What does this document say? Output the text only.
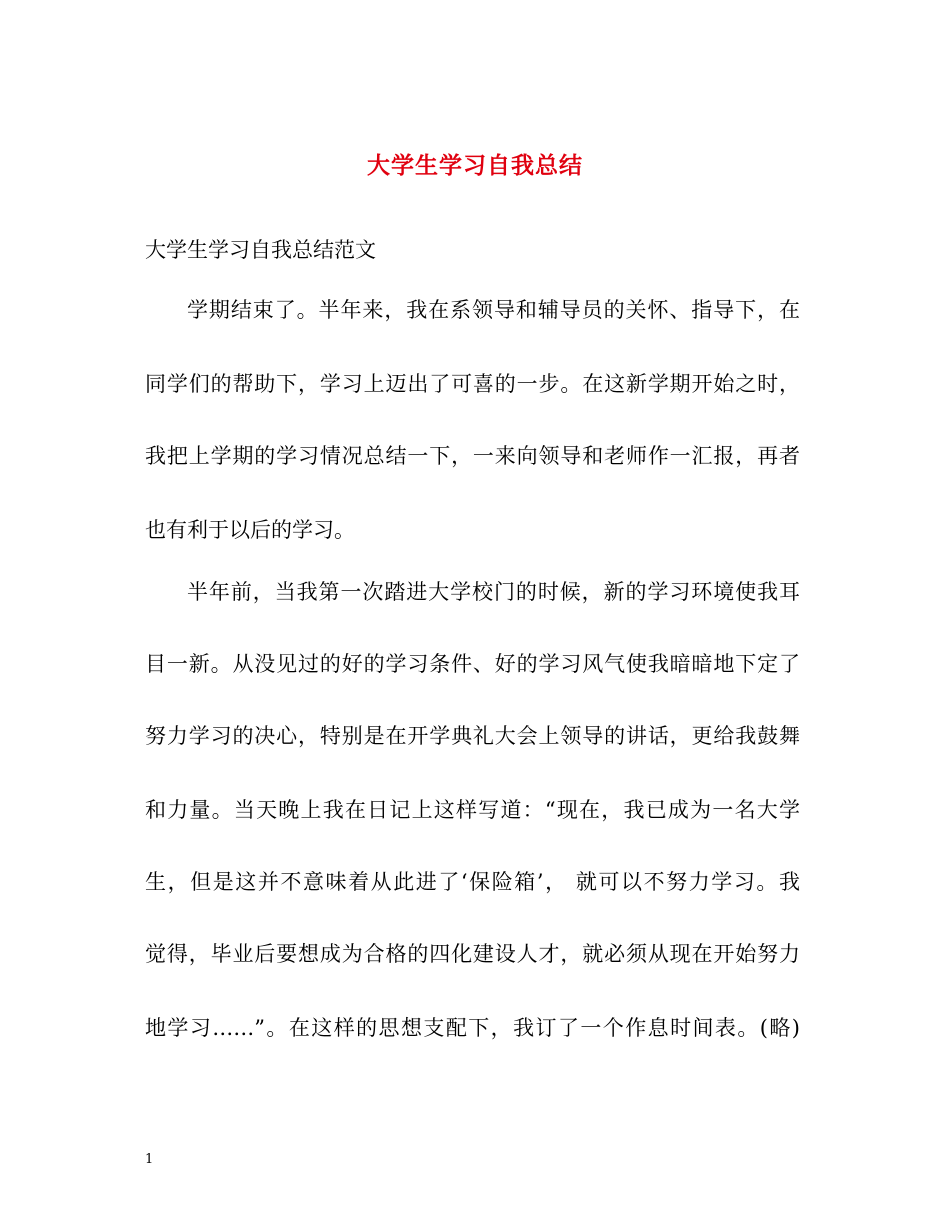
大学生学习自我总结
大学生学习自我总结范文
学期结束了。半年来，我在系领导和辅导员的关怀、指导下，在
同学们的帮助下，学习上迈出了可喜的一步。在这新学期开始之时，
我把上学期的学习情况总结一下，一来向领导和老师作一汇报，再者
也有利于以后的学习。
半年前，当我第一次踏进大学校门的时候，新的学习环境使我耳
目一新。从没见过的好的学习条件、好的学习风气使我暗暗地下定了
努力学习的决心，特别是在开学典礼大会上领导的讲话，更给我鼓舞
和力量。当天晚上我在日记上这样写道：“现在，我已成为一名大学
生，但是这并不意味着从此进了‘保险箱’， 就可以不努力学习。我
觉得，毕业后要想成为合格的四化建设人才，就必须从现在开始努力
地学习……”。在这样的思想支配下，我订了一个作息时间表。(略)
1
